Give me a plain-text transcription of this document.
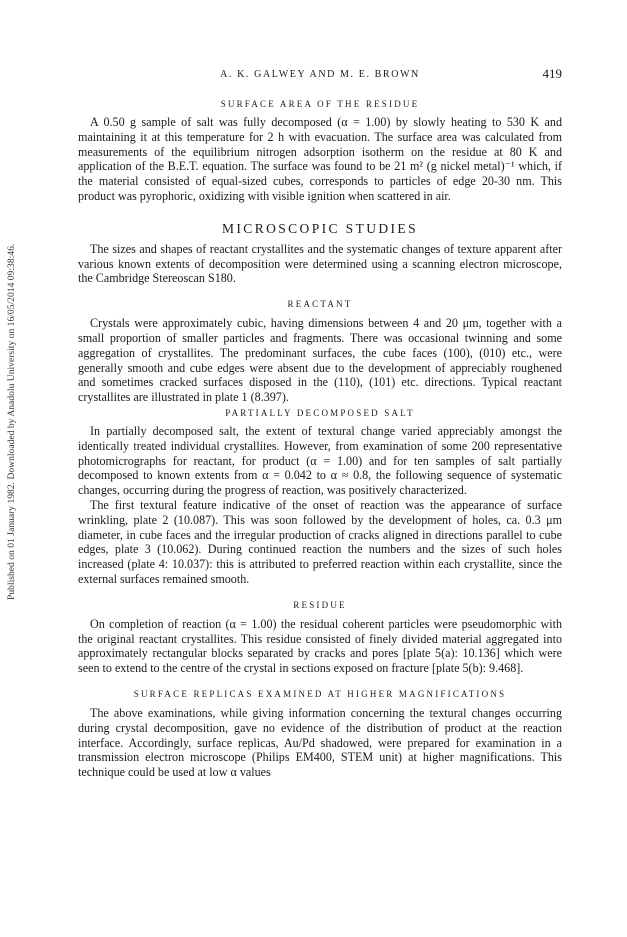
Published on 01 January 1982. Downloaded by Anadolu University on 16/05/2014 09:38:46.
A. K. GALWEY AND M. E. BROWN	419
SURFACE AREA OF THE RESIDUE

A 0.50 g sample of salt was fully decomposed (α = 1.00) by slowly heating to 530 K and maintaining it at this temperature for 2 h with evacuation. The surface area was calculated from measurements of the equilibrium nitrogen adsorption isotherm on the residue at 80 K and application of the B.E.T. equation. The surface was found to be 21 m² (g nickel metal)⁻¹ which, if the material consisted of equal-sized cubes, corresponds to particles of edge 20-30 nm. This product was pyrophoric, oxidizing with visible ignition when scattered in air.

MICROSCOPIC STUDIES

The sizes and shapes of reactant crystallites and the systematic changes of texture apparent after various known extents of decomposition were determined using a scanning electron microscope, the Cambridge Stereoscan S180.

REACTANT

Crystals were approximately cubic, having dimensions between 4 and 20 μm, together with a small proportion of smaller particles and fragments. There was occasional twinning and some aggregation of crystallites. The predominant surfaces, the cube faces (100), (010) etc., were generally smooth and cube edges were absent due to the development of appreciably roughened and sometimes cracked surfaces disposed in the (110), (101) etc. directions. Typical reactant crystallites are illustrated in plate 1 (8.397).

PARTIALLY DECOMPOSED SALT

In partially decomposed salt, the extent of textural change varied appreciably amongst the identically treated individual crystallites. However, from examination of some 200 representative photomicrographs for reactant, for product (α = 1.00) and for ten samples of salt partially decomposed to known extents from α = 0.042 to α ≈ 0.8, the following sequence of systematic changes, occurring during the progress of reaction, was positively characterized.

The first textural feature indicative of the onset of reaction was the appearance of surface wrinkling, plate 2 (10.087). This was soon followed by the development of holes, ca. 0.3 μm diameter, in cube faces and the irregular production of cracks aligned in directions parallel to cube edges, plate 3 (10.062). During continued reaction the numbers and the sizes of such holes increased (plate 4: 10.037): this is attributed to preferred reaction within each crystallite, since the external surfaces remained smooth.

RESIDUE

On completion of reaction (α = 1.00) the residual coherent particles were pseudomorphic with the original reactant crystallites. This residue consisted of finely divided material aggregated into approximately rectangular blocks separated by cracks and pores [plate 5(a): 10.136] which were seen to extend to the centre of the crystal in sections exposed on fracture [plate 5(b): 9.468].

SURFACE REPLICAS EXAMINED AT HIGHER MAGNIFICATIONS

The above examinations, while giving information concerning the textural changes occurring during crystal decomposition, gave no evidence of the distribution of product at the reaction interface. Accordingly, surface replicas, Au/Pd shadowed, were prepared for examination in a transmission electron microscope (Philips EM400, STEM unit) at higher magnifications. This technique could be used at low α values
